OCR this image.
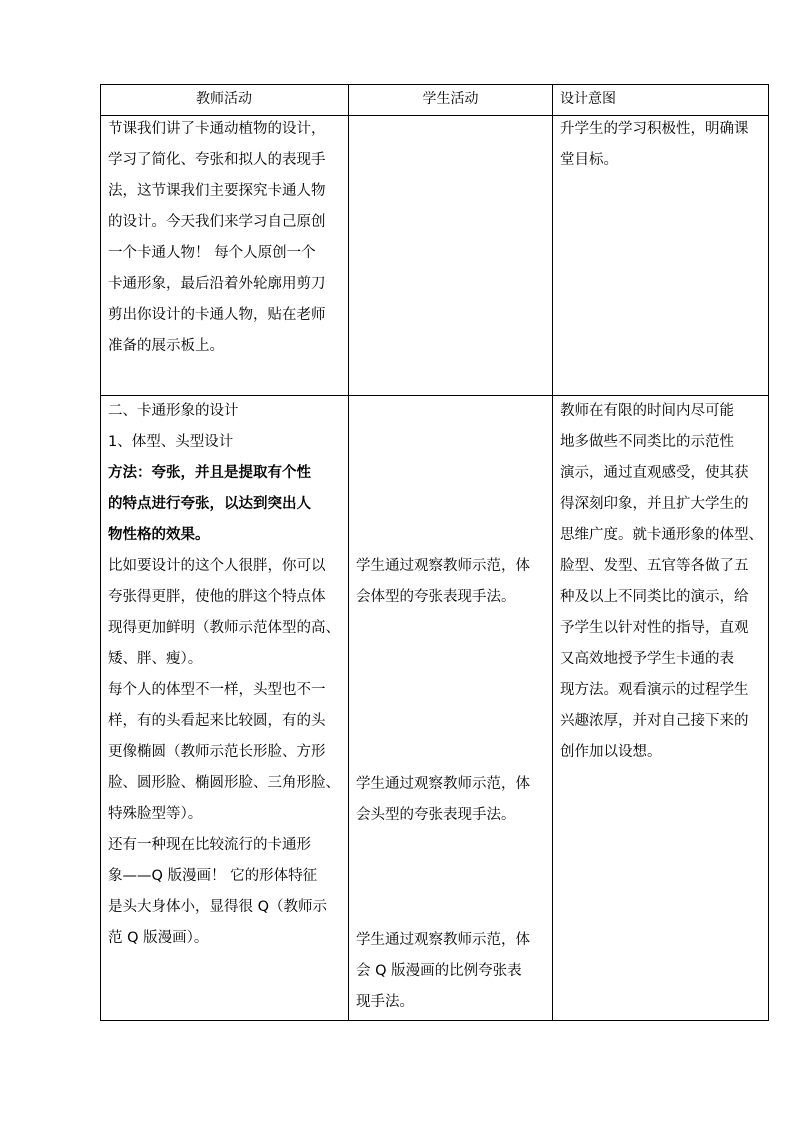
教师活动	学生活动	设计意图
节课我们讲了卡通动植物的设计，
学习了简化、夸张和拟人的表现手
法，这节课我们主要探究卡通人物
的设计。今天我们来学习自己原创
一个卡通人物！ 每个人原创一个
卡通形象，最后沿着外轮廓用剪刀
剪出你设计的卡通人物，贴在老师
准备的展示板上。
升学生的学习积极性，明确课
堂目标。
二、卡通形象的设计
1、体型、头型设计
方法：夸张，并且是提取有个性
的特点进行夸张，以达到突出人
物性格的效果。
比如要设计的这个人很胖，你可以
夸张得更胖，使他的胖这个特点体
现得更加鲜明（教师示范体型的高、
矮、胖、瘦）。
每个人的体型不一样，头型也不一
样，有的头看起来比较圆，有的头
更像椭圆（教师示范长形脸、方形
脸、圆形脸、椭圆形脸、三角形脸、
特殊脸型等）。
还有一种现在比较流行的卡通形
象——Q 版漫画！ 它的形体特征
是头大身体小，显得很 Q（教师示
范 Q 版漫画）。
学生通过观察教师示范，体
会体型的夸张表现手法。
学生通过观察教师示范，体
会头型的夸张表现手法。
学生通过观察教师示范，体
会 Q 版漫画的比例夸张表
现手法。
教师在有限的时间内尽可能
地多做些不同类比的示范性
演示，通过直观感受，使其获
得深刻印象，并且扩大学生的
思维广度。就卡通形象的体型、
脸型、发型、五官等各做了五
种及以上不同类比的演示，给
予学生以针对性的指导，直观
又高效地授予学生卡通的表
现方法。观看演示的过程学生
兴趣浓厚，并对自己接下来的
创作加以设想。
